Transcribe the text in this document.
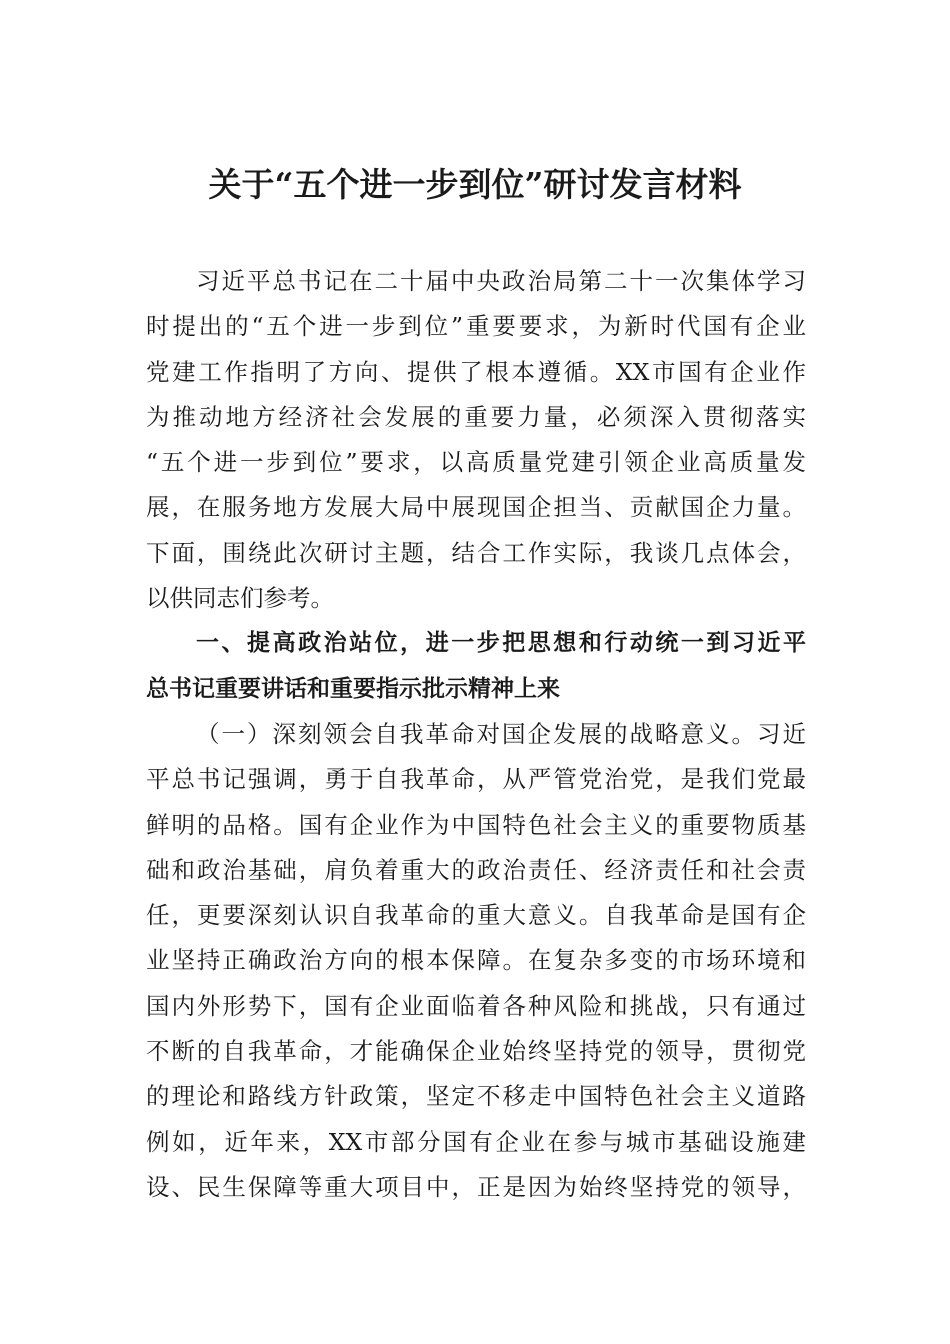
关于“五个进一步到位”研讨发言材料
习近平总书记在二十届中央政治局第二十一次集体学习
时提出的“五个进一步到位”重要要求，为新时代国有企业
党建工作指明了方向、提供了根本遵循。XX市国有企业作
为推动地方经济社会发展的重要力量，必须深入贯彻落实
“五个进一步到位”要求，以高质量党建引领企业高质量发
展，在服务地方发展大局中展现国企担当、贡献国企力量。
下面，围绕此次研讨主题，结合工作实际，我谈几点体会，
以供同志们参考。
一、提高政治站位，进一步把思想和行动统一到习近平
总书记重要讲话和重要指示批示精神上来
（一）深刻领会自我革命对国企发展的战略意义。习近
平总书记强调，勇于自我革命，从严管党治党，是我们党最
鲜明的品格。国有企业作为中国特色社会主义的重要物质基
础和政治基础，肩负着重大的政治责任、经济责任和社会责
任，更要深刻认识自我革命的重大意义。自我革命是国有企
业坚持正确政治方向的根本保障。在复杂多变的市场环境和
国内外形势下，国有企业面临着各种风险和挑战，只有通过
不断的自我革命，才能确保企业始终坚持党的领导，贯彻党
的理论和路线方针政策，坚定不移走中国特色社会主义道路
例如，近年来，XX市部分国有企业在参与城市基础设施建
设、民生保障等重大项目中，正是因为始终坚持党的领导，
